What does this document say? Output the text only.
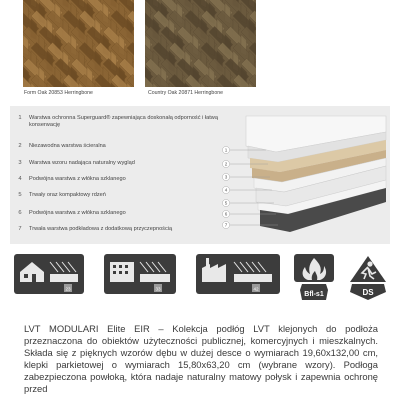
Form Oak 20853 Herringbone	Country Oak 20871 Herringbone
1	Warstwa ochronna Superguard® zapewniająca doskonałą odporność i łatwą konserwację
2	Niezawodna warstwa ścieralna
3	Warstwa wzoru nadająca naturalny wygląd
4	Podwójna warstwa z włókna szklanego
5	Trwały oraz kompaktowy rdzeń
6	Podwójna warstwa z włókna szklanego
7	Trwała warstwa podkładowa z dodatkową przyczepnością
1
2
3
4
5
6
7
23	33	42
Bfl-s1	DS

LVT MODULARI Elite EIR – Kolekcja podłóg LVT klejonych do podłoża przeznaczona do obiektów użyteczności publicznej, komercyjnych i mieszkalnych. Składa się z pięknych wzorów dębu w dużej desce o wymiarach 19,60x132,00 cm, klepki parkietowej o wymiarach 15,80x63,20 cm (wybrane wzory). Podłoga zabezpieczona powłoką, która nadaje naturalny matowy połysk i zapewnia ochronę przed
